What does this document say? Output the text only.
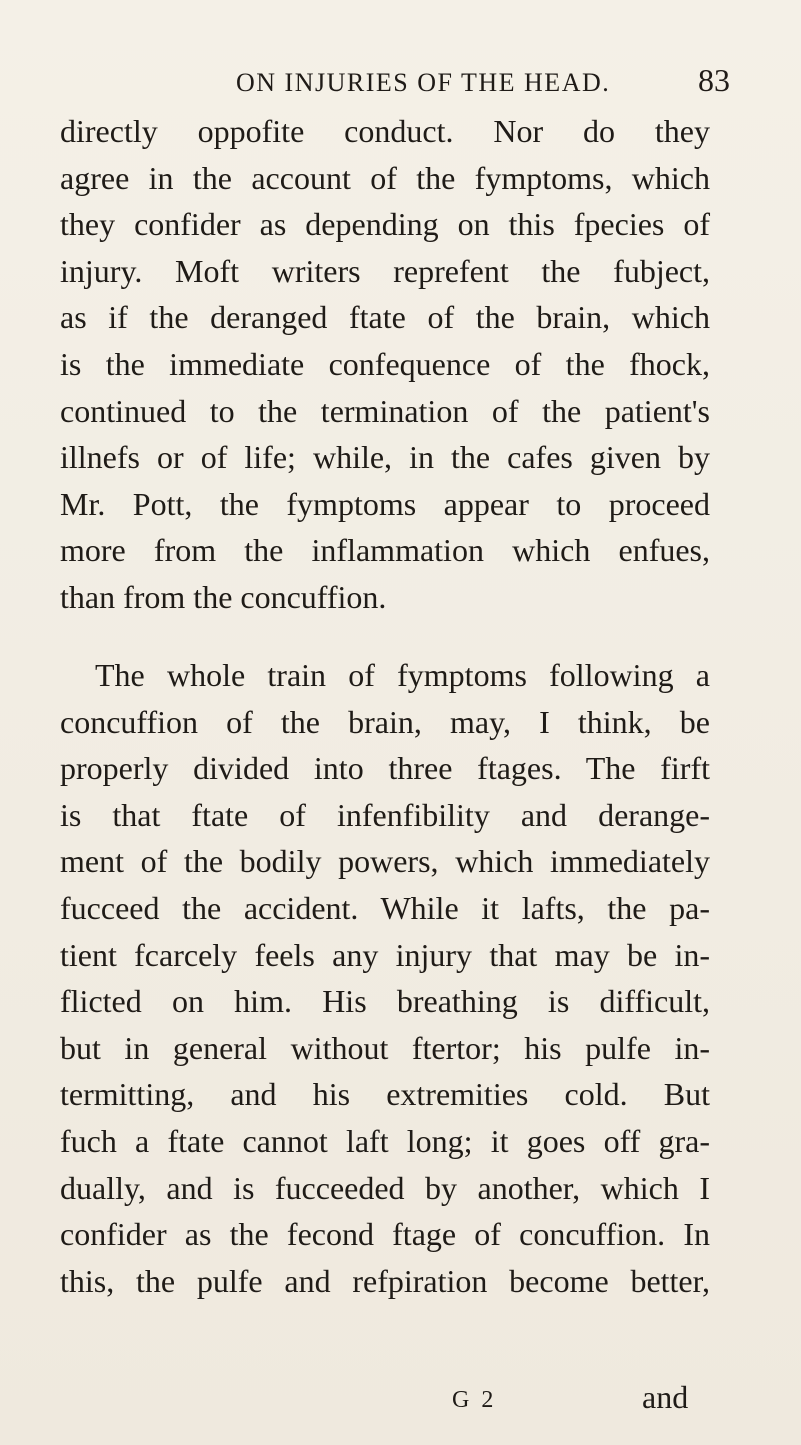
ON INJURIES OF THE HEAD.	83
directly oppofite conduct. Nor do they
agree in the account of the fymptoms, which
they confider as depending on this fpecies of
injury. Moft writers reprefent the fubject,
as if the deranged ftate of the brain, which
is the immediate confequence of the fhock,
continued to the termination of the patient's
illnefs or of life; while, in the cafes given by
Mr. Pott, the fymptoms appear to proceed
more from the inflammation which enfues,
than from the concuffion.
The whole train of fymptoms following a
concuffion of the brain, may, I think, be
properly divided into three ftages. The firft
is that ftate of infenfibility and derange-
ment of the bodily powers, which immediately
fucceed the accident. While it lafts, the pa-
tient fcarcely feels any injury that may be in-
flicted on him. His breathing is difficult,
but in general without ftertor; his pulfe in-
termitting, and his extremities cold. But
fuch a ftate cannot laft long; it goes off gra-
dually, and is fucceeded by another, which I
confider as the fecond ftage of concuffion. In
this, the pulfe and refpiration become better,
G 2	and
